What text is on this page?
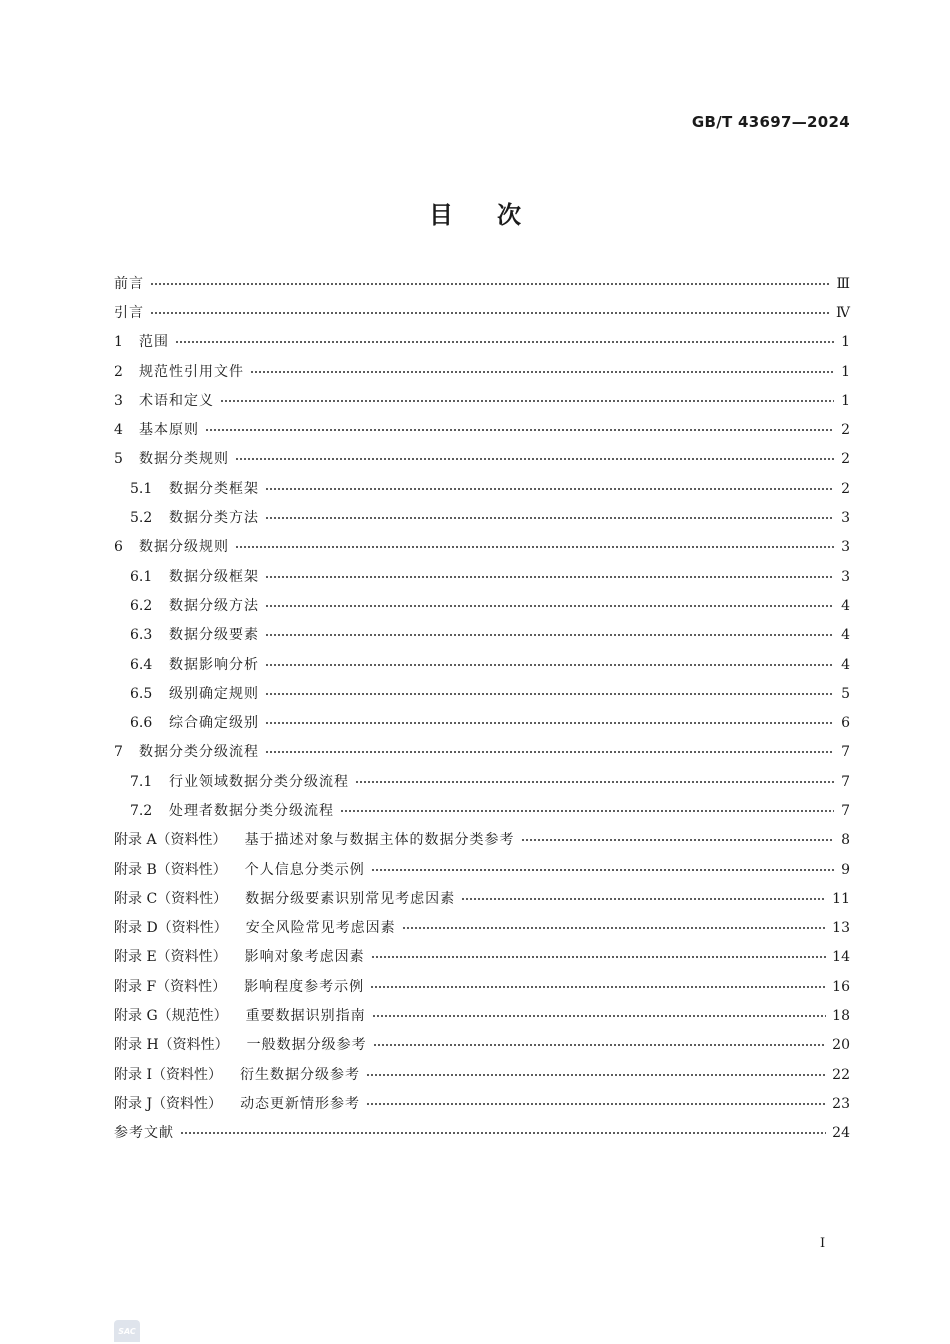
GB/T 43697—2024
目 次
前言	Ⅲ
引言	Ⅳ
1	范围	1
2	规范性引用文件	1
3	术语和定义	1
4	基本原则	2
5	数据分类规则	2
5.1	数据分类框架	2
5.2	数据分类方法	3
6	数据分级规则	3
6.1	数据分级框架	3
6.2	数据分级方法	4
6.3	数据分级要素	4
6.4	数据影响分析	4
6.5	级别确定规则	5
6.6	综合确定级别	6
7	数据分类分级流程	7
7.1	行业领域数据分类分级流程	7
7.2	处理者数据分类分级流程	7
附录 A（资料性） 基于描述对象与数据主体的数据分类参考	8
附录 B（资料性） 个人信息分类示例	9
附录 C（资料性） 数据分级要素识别常见考虑因素	11
附录 D（资料性） 安全风险常见考虑因素	13
附录 E（资料性） 影响对象考虑因素	14
附录 F（资料性） 影响程度参考示例	16
附录 G（规范性） 重要数据识别指南	18
附录 H（资料性） 一般数据分级参考	20
附录 I（资料性） 衍生数据分级参考	22
附录 J（资料性） 动态更新情形参考	23
参考文献	24
I
SAC
